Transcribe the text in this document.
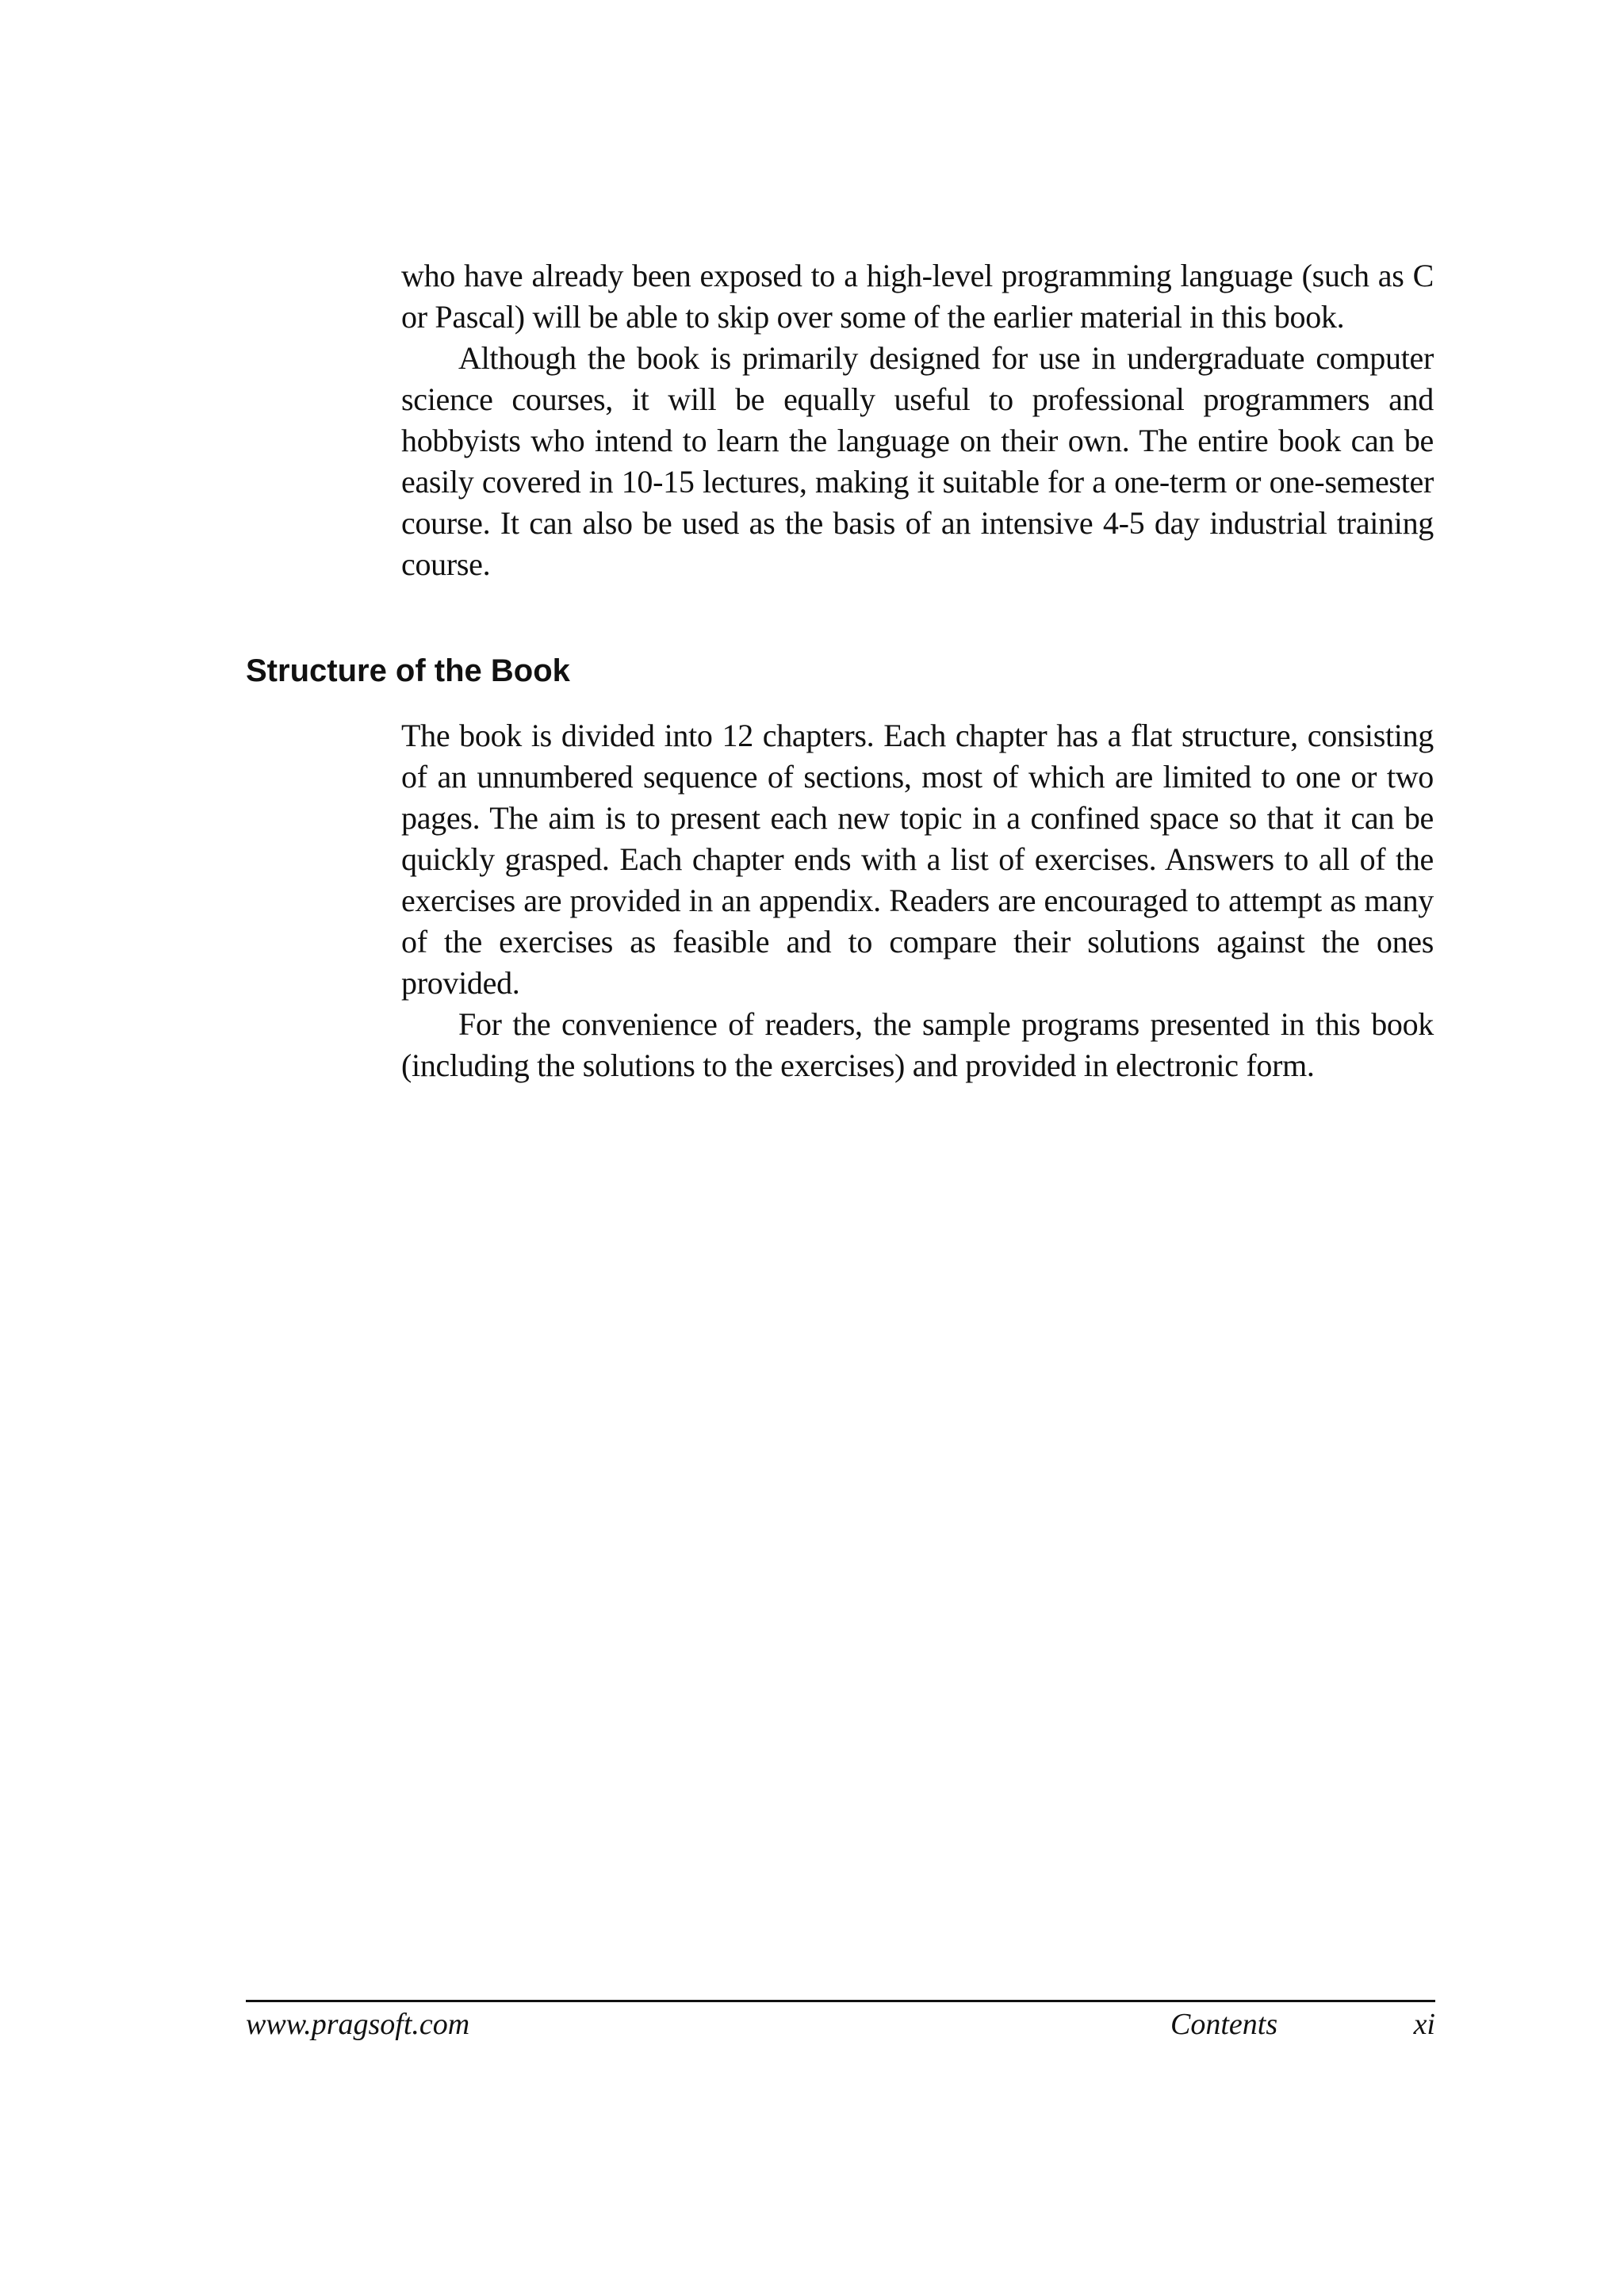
who have already been exposed to a high-level programming language (such as C or Pascal) will be able to skip over some of the earlier material in this book.

Although the book is primarily designed for use in undergraduate computer science courses, it will be equally useful to professional programmers and hobbyists who intend to learn the language on their own. The entire book can be easily covered in 10-15 lectures, making it suitable for a one-term or one-semester course. It can also be used as the basis of an intensive 4-5 day industrial training course.

Structure of the Book

The book is divided into 12 chapters. Each chapter has a flat structure, consisting of an unnumbered sequence of sections, most of which are limited to one or two pages. The aim is to present each new topic in a confined space so that it can be quickly grasped. Each chapter ends with a list of exercises. Answers to all of the exercises are provided in an appendix. Readers are encouraged to attempt as many of the exercises as feasible and to compare their solutions against the ones provided.

For the convenience of readers, the sample programs presented in this book (including the solutions to the exercises) and provided in electronic form.

www.pragsoft.com	Contents	xi
